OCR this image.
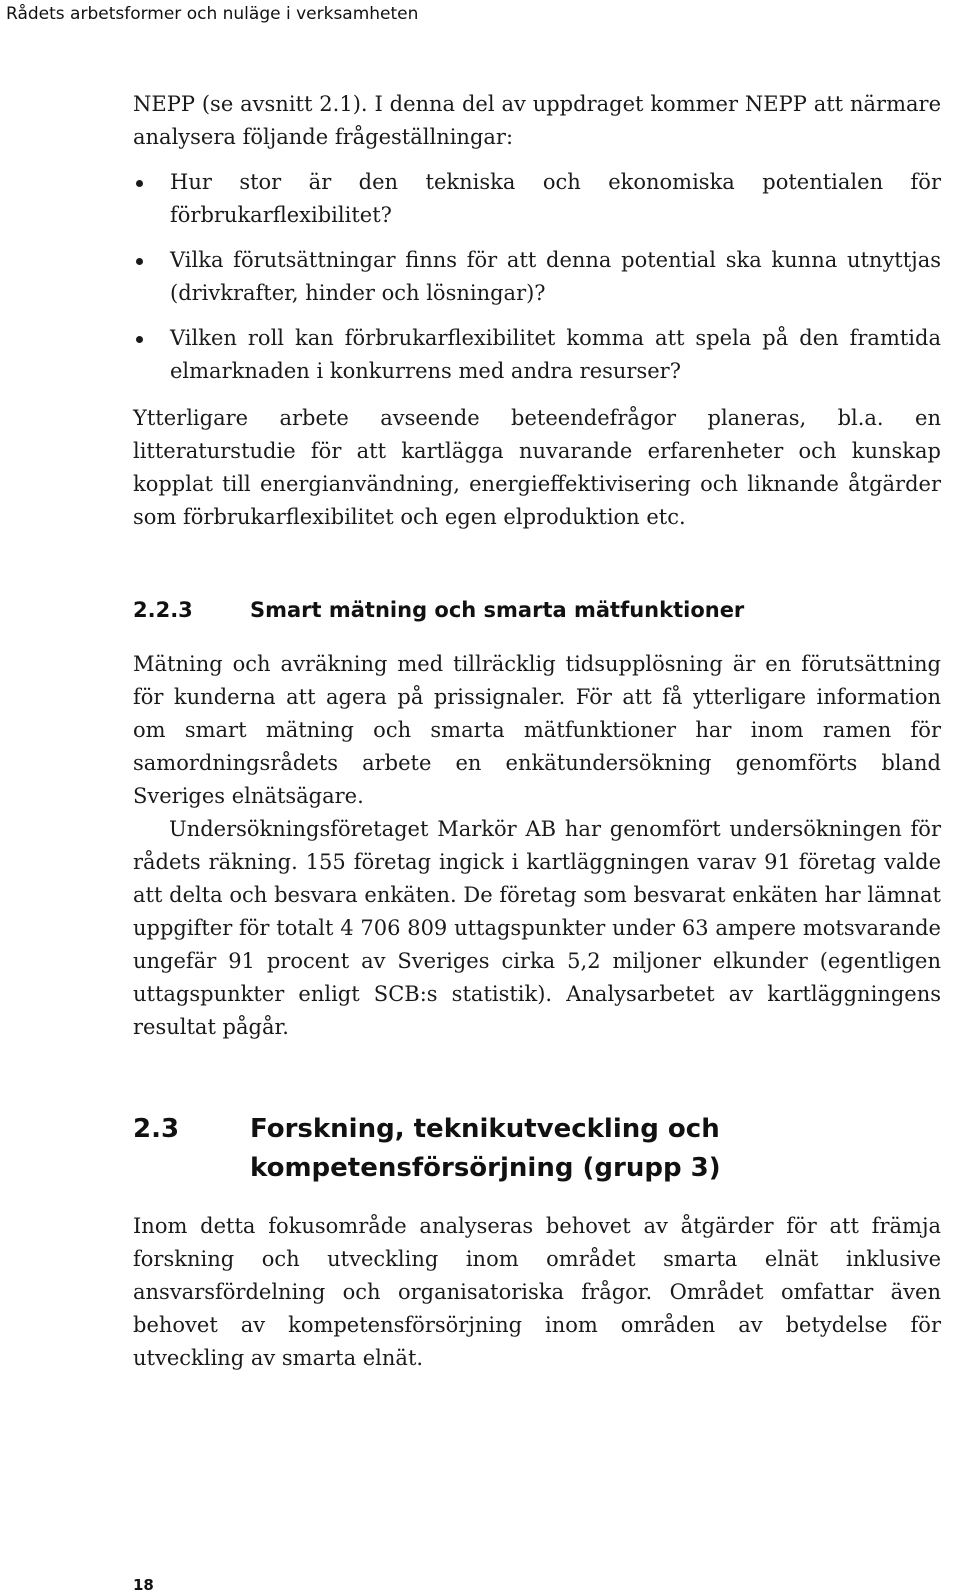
Rådets arbetsformer och nuläge i verksamheten

NEPP (se avsnitt 2.1). I denna del av uppdraget kommer NEPP att närmare analysera följande frågeställningar:

Hur stor är den tekniska och ekonomiska potentialen för förbrukarflexibilitet?
Vilka förutsättningar finns för att denna potential ska kunna utnyttjas (drivkrafter, hinder och lösningar)?
Vilken roll kan förbrukarflexibilitet komma att spela på den framtida elmarknaden i konkurrens med andra resurser?

Ytterligare arbete avseende beteendefrågor planeras, bl.a. en litteraturstudie för att kartlägga nuvarande erfarenheter och kunskap kopplat till energianvändning, energieffektivisering och liknande åtgärder som förbrukarflexibilitet och egen elproduktion etc.

2.2.3	Smart mätning och smarta mätfunktioner

Mätning och avräkning med tillräcklig tidsupplösning är en förutsättning för kunderna att agera på prissignaler. För att få ytterligare information om smart mätning och smarta mätfunktioner har inom ramen för samordningsrådets arbete en enkätundersökning genomförts bland Sveriges elnätsägare.

Undersökningsföretaget Markör AB har genomfört undersökningen för rådets räkning. 155 företag ingick i kartläggningen varav 91 företag valde att delta och besvara enkäten. De företag som besvarat enkäten har lämnat uppgifter för totalt 4 706 809 uttagspunkter under 63 ampere motsvarande ungefär 91 procent av Sveriges cirka 5,2 miljoner elkunder (egentligen uttagspunkter enligt SCB:s statistik). Analysarbetet av kartläggningens resultat pågår.

2.3	Forskning, teknikutveckling och kompetensförsörjning (grupp 3)

Inom detta fokusområde analyseras behovet av åtgärder för att främja forskning och utveckling inom området smarta elnät inklusive ansvarsfördelning och organisatoriska frågor. Området omfattar även behovet av kompetensförsörjning inom områden av betydelse för utveckling av smarta elnät.

18
